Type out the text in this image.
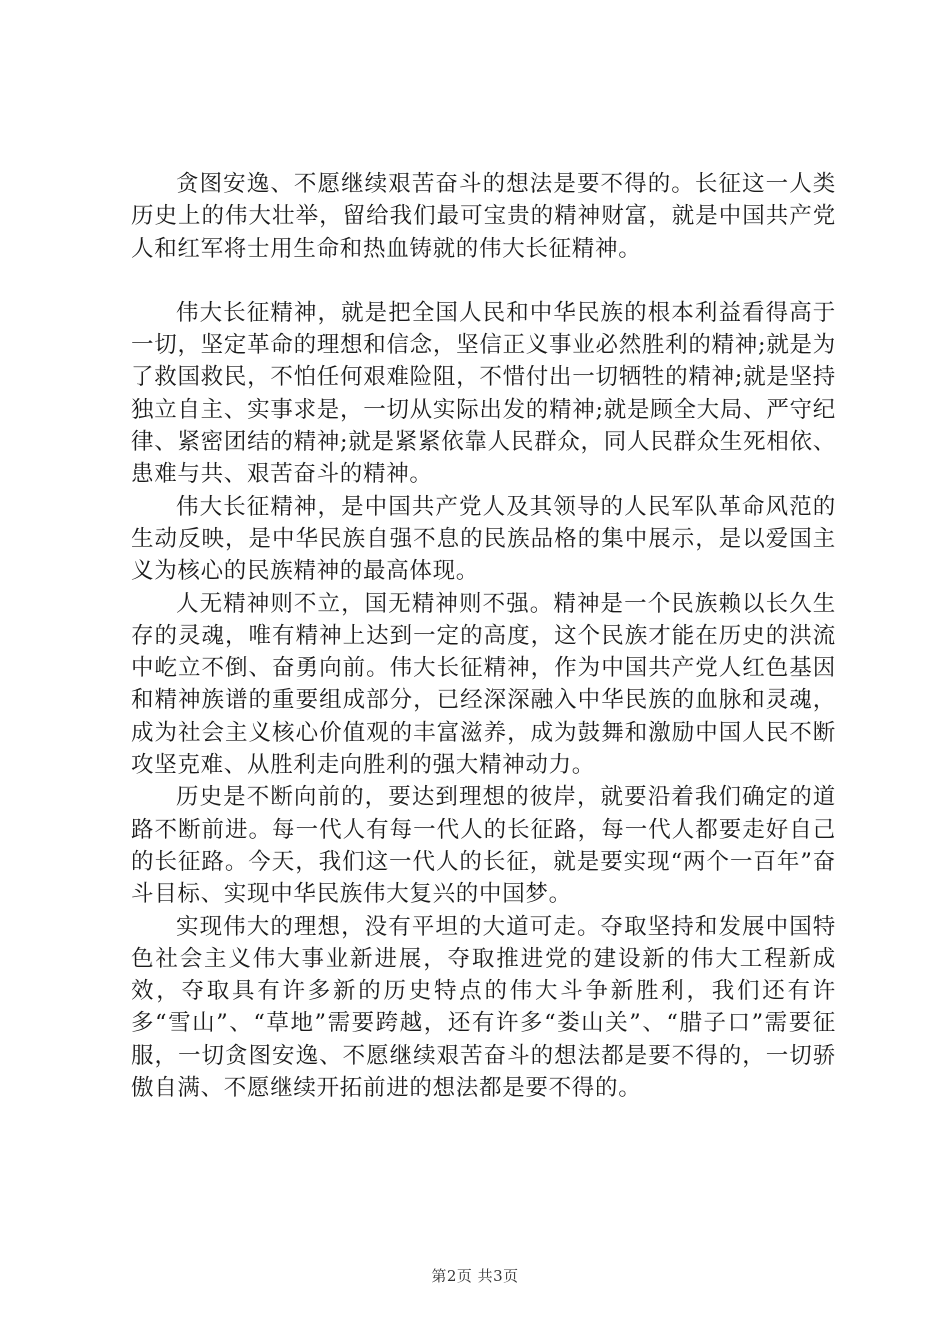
贪图安逸、不愿继续艰苦奋斗的想法是要不得的。长征这一人类历史上的伟大壮举，留给我们最可宝贵的精神财富，就是中国共产党人和红军将士用生命和热血铸就的伟大长征精神。

伟大长征精神，就是把全国人民和中华民族的根本利益看得高于一切，坚定革命的理想和信念，坚信正义事业必然胜利的精神;就是为了救国救民，不怕任何艰难险阻，不惜付出一切牺牲的精神;就是坚持独立自主、实事求是，一切从实际出发的精神;就是顾全大局、严守纪律、紧密团结的精神;就是紧紧依靠人民群众，同人民群众生死相依、患难与共、艰苦奋斗的精神。

伟大长征精神，是中国共产党人及其领导的人民军队革命风范的生动反映，是中华民族自强不息的民族品格的集中展示，是以爱国主义为核心的民族精神的最高体现。

人无精神则不立，国无精神则不强。精神是一个民族赖以长久生存的灵魂，唯有精神上达到一定的高度，这个民族才能在历史的洪流中屹立不倒、奋勇向前。伟大长征精神，作为中国共产党人红色基因和精神族谱的重要组成部分，已经深深融入中华民族的血脉和灵魂，成为社会主义核心价值观的丰富滋养，成为鼓舞和激励中国人民不断攻坚克难、从胜利走向胜利的强大精神动力。

历史是不断向前的，要达到理想的彼岸，就要沿着我们确定的道路不断前进。每一代人有每一代人的长征路，每一代人都要走好自己的长征路。今天，我们这一代人的长征，就是要实现“两个一百年”奋斗目标、实现中华民族伟大复兴的中国梦。

实现伟大的理想，没有平坦的大道可走。夺取坚持和发展中国特色社会主义伟大事业新进展，夺取推进党的建设新的伟大工程新成效，夺取具有许多新的历史特点的伟大斗争新胜利，我们还有许多“雪山”、“草地”需要跨越，还有许多“娄山关”、“腊子口”需要征服，一切贪图安逸、不愿继续艰苦奋斗的想法都是要不得的，一切骄傲自满、不愿继续开拓前进的想法都是要不得的。

第2页 共3页
